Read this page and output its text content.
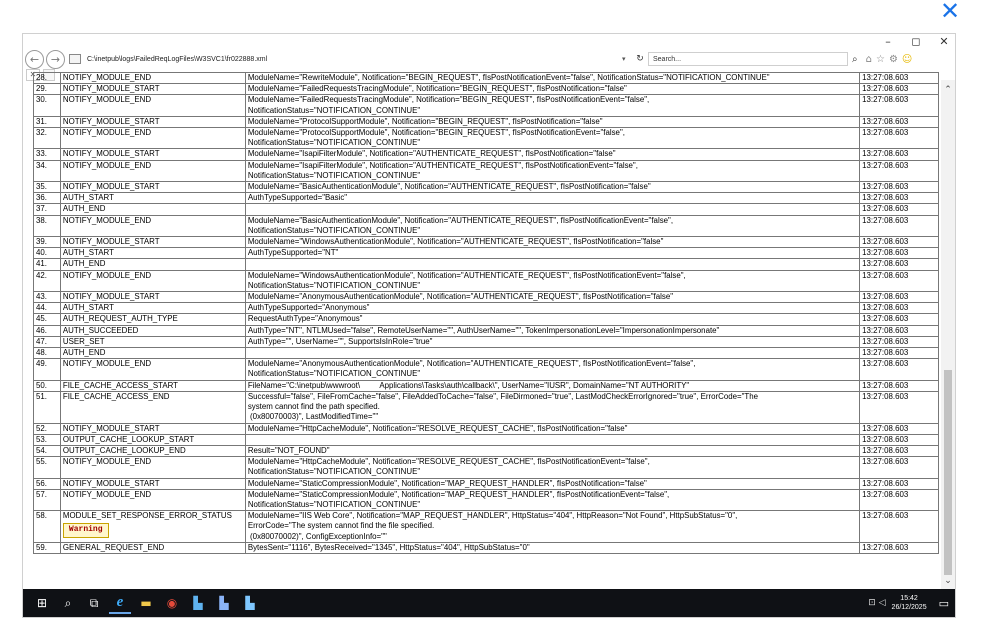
✕
–	◻ ✕
←	→	C:\inetpub\logs\FailedReqLogFiles\W3SVC1\fr022888.xml	▾	↻	Search...	⌕ ⌂ ☆ ⚙ ☺
✕ 28.	NOTIFY_MODULE_END	ModuleName="RewriteModule", Notification="BEGIN_REQUEST", fIsPostNotificationEvent="false", NotificationStatus="NOTIFICATION_CONTINUE"	13:27:08.603
29.	NOTIFY_MODULE_START	ModuleName="FailedRequestsTracingModule", Notification="BEGIN_REQUEST", fIsPostNotification="false"	13:27:08.603
30.	NOTIFY_MODULE_END	ModuleName="FailedRequestsTracingModule", Notification="BEGIN_REQUEST", fIsPostNotificationEvent="false",
NotificationStatus="NOTIFICATION_CONTINUE"	13:27:08.603
31.	NOTIFY_MODULE_START	ModuleName="ProtocolSupportModule", Notification="BEGIN_REQUEST", fIsPostNotification="false"	13:27:08.603
32.	NOTIFY_MODULE_END	ModuleName="ProtocolSupportModule", Notification="BEGIN_REQUEST", fIsPostNotificationEvent="false",
NotificationStatus="NOTIFICATION_CONTINUE"	13:27:08.603
33.	NOTIFY_MODULE_START	ModuleName="IsapiFilterModule", Notification="AUTHENTICATE_REQUEST", fIsPostNotification="false"	13:27:08.603
34.	NOTIFY_MODULE_END	ModuleName="IsapiFilterModule", Notification="AUTHENTICATE_REQUEST", fIsPostNotificationEvent="false",
NotificationStatus="NOTIFICATION_CONTINUE"	13:27:08.603
35.	NOTIFY_MODULE_START	ModuleName="BasicAuthenticationModule", Notification="AUTHENTICATE_REQUEST", fIsPostNotification="false"	13:27:08.603
36.	AUTH_START	AuthTypeSupported="Basic"	13:27:08.603
37.	AUTH_END		13:27:08.603
38.	NOTIFY_MODULE_END	ModuleName="BasicAuthenticationModule", Notification="AUTHENTICATE_REQUEST", fIsPostNotificationEvent="false",
NotificationStatus="NOTIFICATION_CONTINUE"	13:27:08.603
39.	NOTIFY_MODULE_START	ModuleName="WindowsAuthenticationModule", Notification="AUTHENTICATE_REQUEST", fIsPostNotification="false"	13:27:08.603
40.	AUTH_START	AuthTypeSupported="NT"	13:27:08.603
41.	AUTH_END		13:27:08.603
42.	NOTIFY_MODULE_END	ModuleName="WindowsAuthenticationModule", Notification="AUTHENTICATE_REQUEST", fIsPostNotificationEvent="false",
NotificationStatus="NOTIFICATION_CONTINUE"	13:27:08.603
43.	NOTIFY_MODULE_START	ModuleName="AnonymousAuthenticationModule", Notification="AUTHENTICATE_REQUEST", fIsPostNotification="false"	13:27:08.603
44.	AUTH_START	AuthTypeSupported="Anonymous"	13:27:08.603
45.	AUTH_REQUEST_AUTH_TYPE	RequestAuthType="Anonymous"	13:27:08.603
46.	AUTH_SUCCEEDED	AuthType="NT", NTLMUsed="false", RemoteUserName="", AuthUserName="", TokenImpersonationLevel="ImpersonationImpersonate"	13:27:08.603
47.	USER_SET	AuthType="", UserName="", SupportsIsInRole="true"	13:27:08.603
48.	AUTH_END		13:27:08.603
49.	NOTIFY_MODULE_END	ModuleName="AnonymousAuthenticationModule", Notification="AUTHENTICATE_REQUEST", fIsPostNotificationEvent="false",
NotificationStatus="NOTIFICATION_CONTINUE"	13:27:08.603
50.	FILE_CACHE_ACCESS_START	FileName="C:\inetpub\wwwroot\         Applications\Tasks\auth\callback\", UserName="IUSR", DomainName="NT AUTHORITY"	13:27:08.603
51.	FILE_CACHE_ACCESS_END	Successful="false", FileFromCache="false", FileAddedToCache="false", FileDirmoned="true", LastModCheckErrorIgnored="true", ErrorCode="The
system cannot find the path specified.
(0x80070003)", LastModifiedTime=""	13:27:08.603
52.	NOTIFY_MODULE_START	ModuleName="HttpCacheModule", Notification="RESOLVE_REQUEST_CACHE", fIsPostNotification="false"	13:27:08.603
53.	OUTPUT_CACHE_LOOKUP_START		13:27:08.603
54.	OUTPUT_CACHE_LOOKUP_END	Result="NOT_FOUND"	13:27:08.603
55.	NOTIFY_MODULE_END	ModuleName="HttpCacheModule", Notification="RESOLVE_REQUEST_CACHE", fIsPostNotificationEvent="false",
NotificationStatus="NOTIFICATION_CONTINUE"	13:27:08.603
56.	NOTIFY_MODULE_START	ModuleName="StaticCompressionModule", Notification="MAP_REQUEST_HANDLER", fIsPostNotification="false"	13:27:08.603
57.	NOTIFY_MODULE_END	ModuleName="StaticCompressionModule", Notification="MAP_REQUEST_HANDLER", fIsPostNotificationEvent="false",
NotificationStatus="NOTIFICATION_CONTINUE"	13:27:08.603
58.	MODULE_SET_RESPONSE_ERROR_STATUS
Warning	ModuleName="IIS Web Core", Notification="MAP_REQUEST_HANDLER", HttpStatus="404", HttpReason="Not Found", HttpSubStatus="0",
ErrorCode="The system cannot find the file specified.
(0x80070002)", ConfigExceptionInfo=""	13:27:08.603
59.	GENERAL_REQUEST_END	BytesSent="1116", BytesReceived="1345", HttpStatus="404", HttpSubStatus="0"	13:27:08.603
⌃
⌄
⊞	⌕	⧉	e	▬	◉	▙	▙	▙	⊡ ◁	15:42
26/12/2025 ▭
